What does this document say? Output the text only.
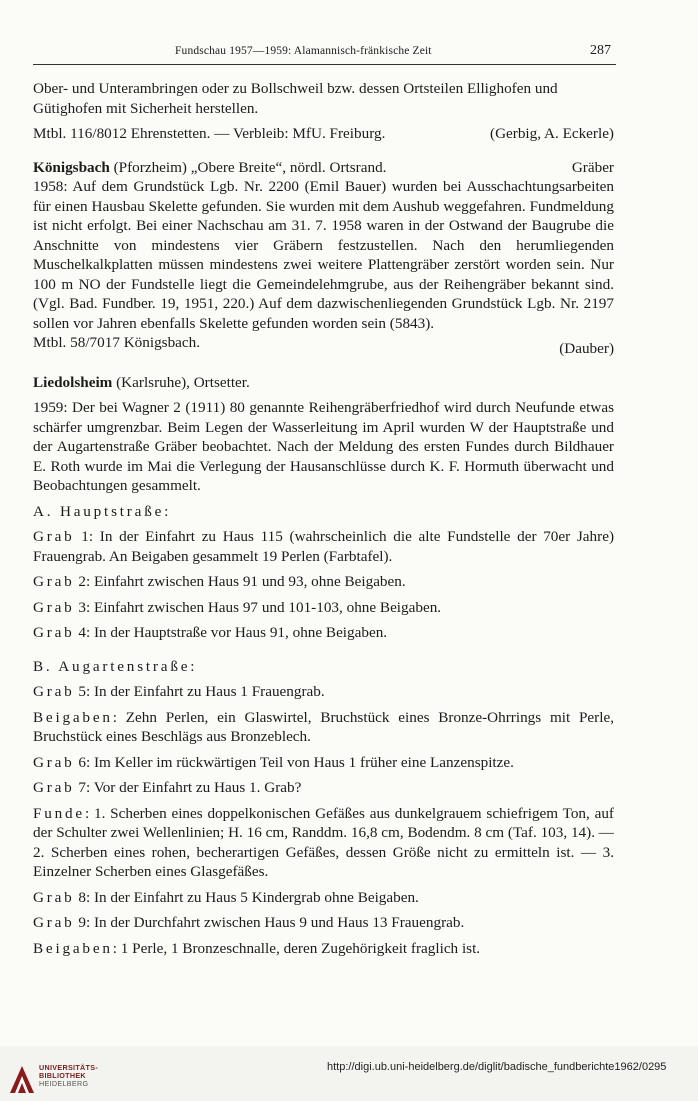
Fundschau 1957—1959: Alamannisch-fränkische Zeit	287

Ober- und Unterambringen oder zu Bollschweil bzw. dessen Ortsteilen Ellighofen und

Gütighofen mit Sicherheit herstellen.

Mtbl. 116/8012 Ehrenstetten. — Verbleib: MfU. Freiburg.	(Gerbig, A. Eckerle)
Königsbach (Pforzheim) „Obere Breite“, nördl. Ortsrand.	Gräber

1958: Auf dem Grundstück Lgb. Nr. 2200 (Emil Bauer) wurden bei Ausschachtungsarbeiten für einen Hausbau Skelette gefunden. Sie wurden mit dem Aushub weggefahren. Fundmeldung ist nicht erfolgt. Bei einer Nachschau am 31. 7. 1958 waren in der Ostwand der Baugrube die Anschnitte von mindestens vier Gräbern festzustellen. Nach den herumliegenden Muschelkalkplatten müssen mindestens zwei weitere Plattengräber zerstört worden sein. Nur 100 m NO der Fundstelle liegt die Gemeindelehmgrube, aus der Reihengräber bekannt sind. (Vgl. Bad. Fundber. 19, 1951, 220.) Auf dem dazwischenliegenden Grundstück Lgb. Nr. 2197 sollen vor Jahren ebenfalls Skelette gefunden worden sein (5843).

Mtbl. 58/7017 Königsbach.	(Dauber)

Liedolsheim (Karlsruhe), Ortsetter.

1959: Der bei Wagner 2 (1911) 80 genannte Reihengräberfriedhof wird durch Neufunde etwas schärfer umgrenzbar. Beim Legen der Wasserleitung im April wurden W der Hauptstraße und der Augartenstraße Gräber beobachtet. Nach der Meldung des ersten Fundes durch Bildhauer E. Roth wurde im Mai die Verlegung der Hausanschlüsse durch K. F. Hormuth überwacht und Beobachtungen gesammelt.

A. Hauptstraße:

Grab 1: In der Einfahrt zu Haus 115 (wahrscheinlich die alte Fundstelle der 70er Jahre) Frauengrab. An Beigaben gesammelt 19 Perlen (Farbtafel).

Grab 2: Einfahrt zwischen Haus 91 und 93, ohne Beigaben.

Grab 3: Einfahrt zwischen Haus 97 und 101-103, ohne Beigaben.

Grab 4: In der Hauptstraße vor Haus 91, ohne Beigaben.

B. Augartenstraße:

Grab 5: In der Einfahrt zu Haus 1 Frauengrab.

Beigaben: Zehn Perlen, ein Glaswirtel, Bruchstück eines Bronze-Ohrrings mit Perle, Bruchstück eines Beschlägs aus Bronzeblech.

Grab 6: Im Keller im rückwärtigen Teil von Haus 1 früher eine Lanzenspitze.

Grab 7: Vor der Einfahrt zu Haus 1. Grab?

Funde: 1. Scherben eines doppelkonischen Gefäßes aus dunkelgrauem schiefrigem Ton, auf der Schulter zwei Wellenlinien; H. 16 cm, Randdm. 16,8 cm, Bodendm. 8 cm (Taf. 103, 14). — 2. Scherben eines rohen, becherartigen Gefäßes, dessen Größe nicht zu ermitteln ist. — 3. Einzelner Scherben eines Glasgefäßes.

Grab 8: In der Einfahrt zu Haus 5 Kindergrab ohne Beigaben.

Grab 9: In der Durchfahrt zwischen Haus 9 und Haus 13 Frauengrab.

Beigaben: 1 Perle, 1 Bronzeschnalle, deren Zugehörigkeit fraglich ist.

UNIVERSITÄTS-
BIBLIOTHEK
HEIDELBERG
http://digi.ub.uni-heidelberg.de/diglit/badische_fundberichte1962/0295
